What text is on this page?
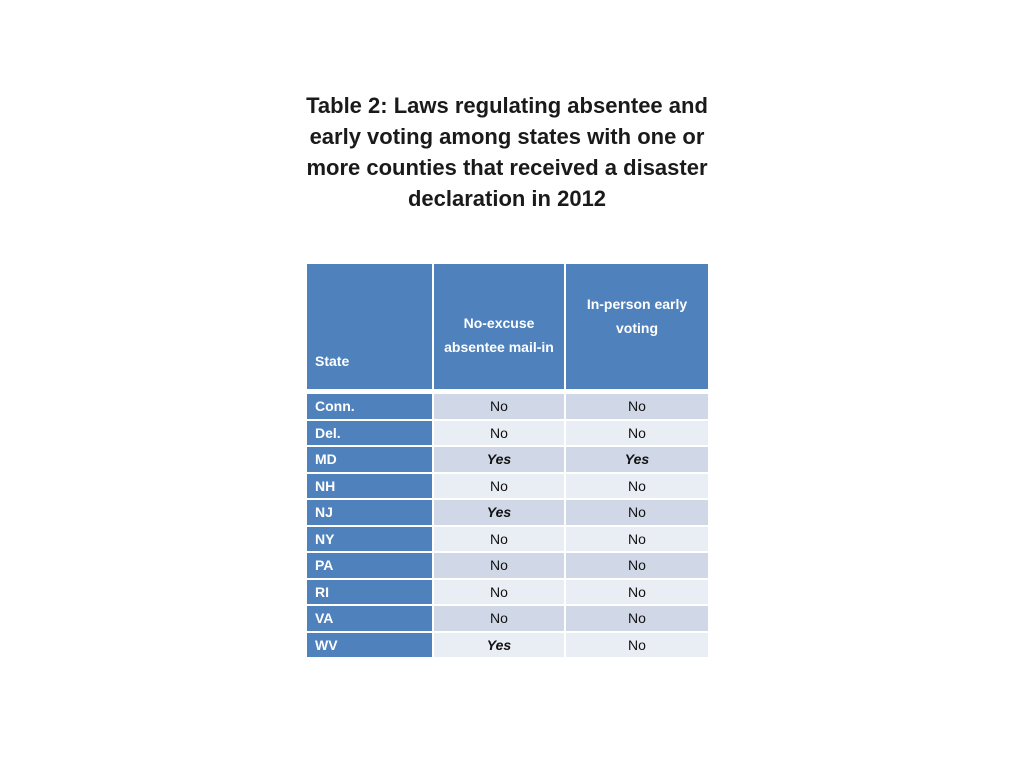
Table 2: Laws regulating absentee and early voting among states with one or more counties that received a disaster declaration in 2012
State	No-excuse absentee mail-in	In-person early voting

Conn.	No	No
Del.	No	No
MD	Yes	Yes
NH	No	No
NJ	Yes	No
NY	No	No
PA	No	No
RI	No	No
VA	No	No
WV	Yes	No
